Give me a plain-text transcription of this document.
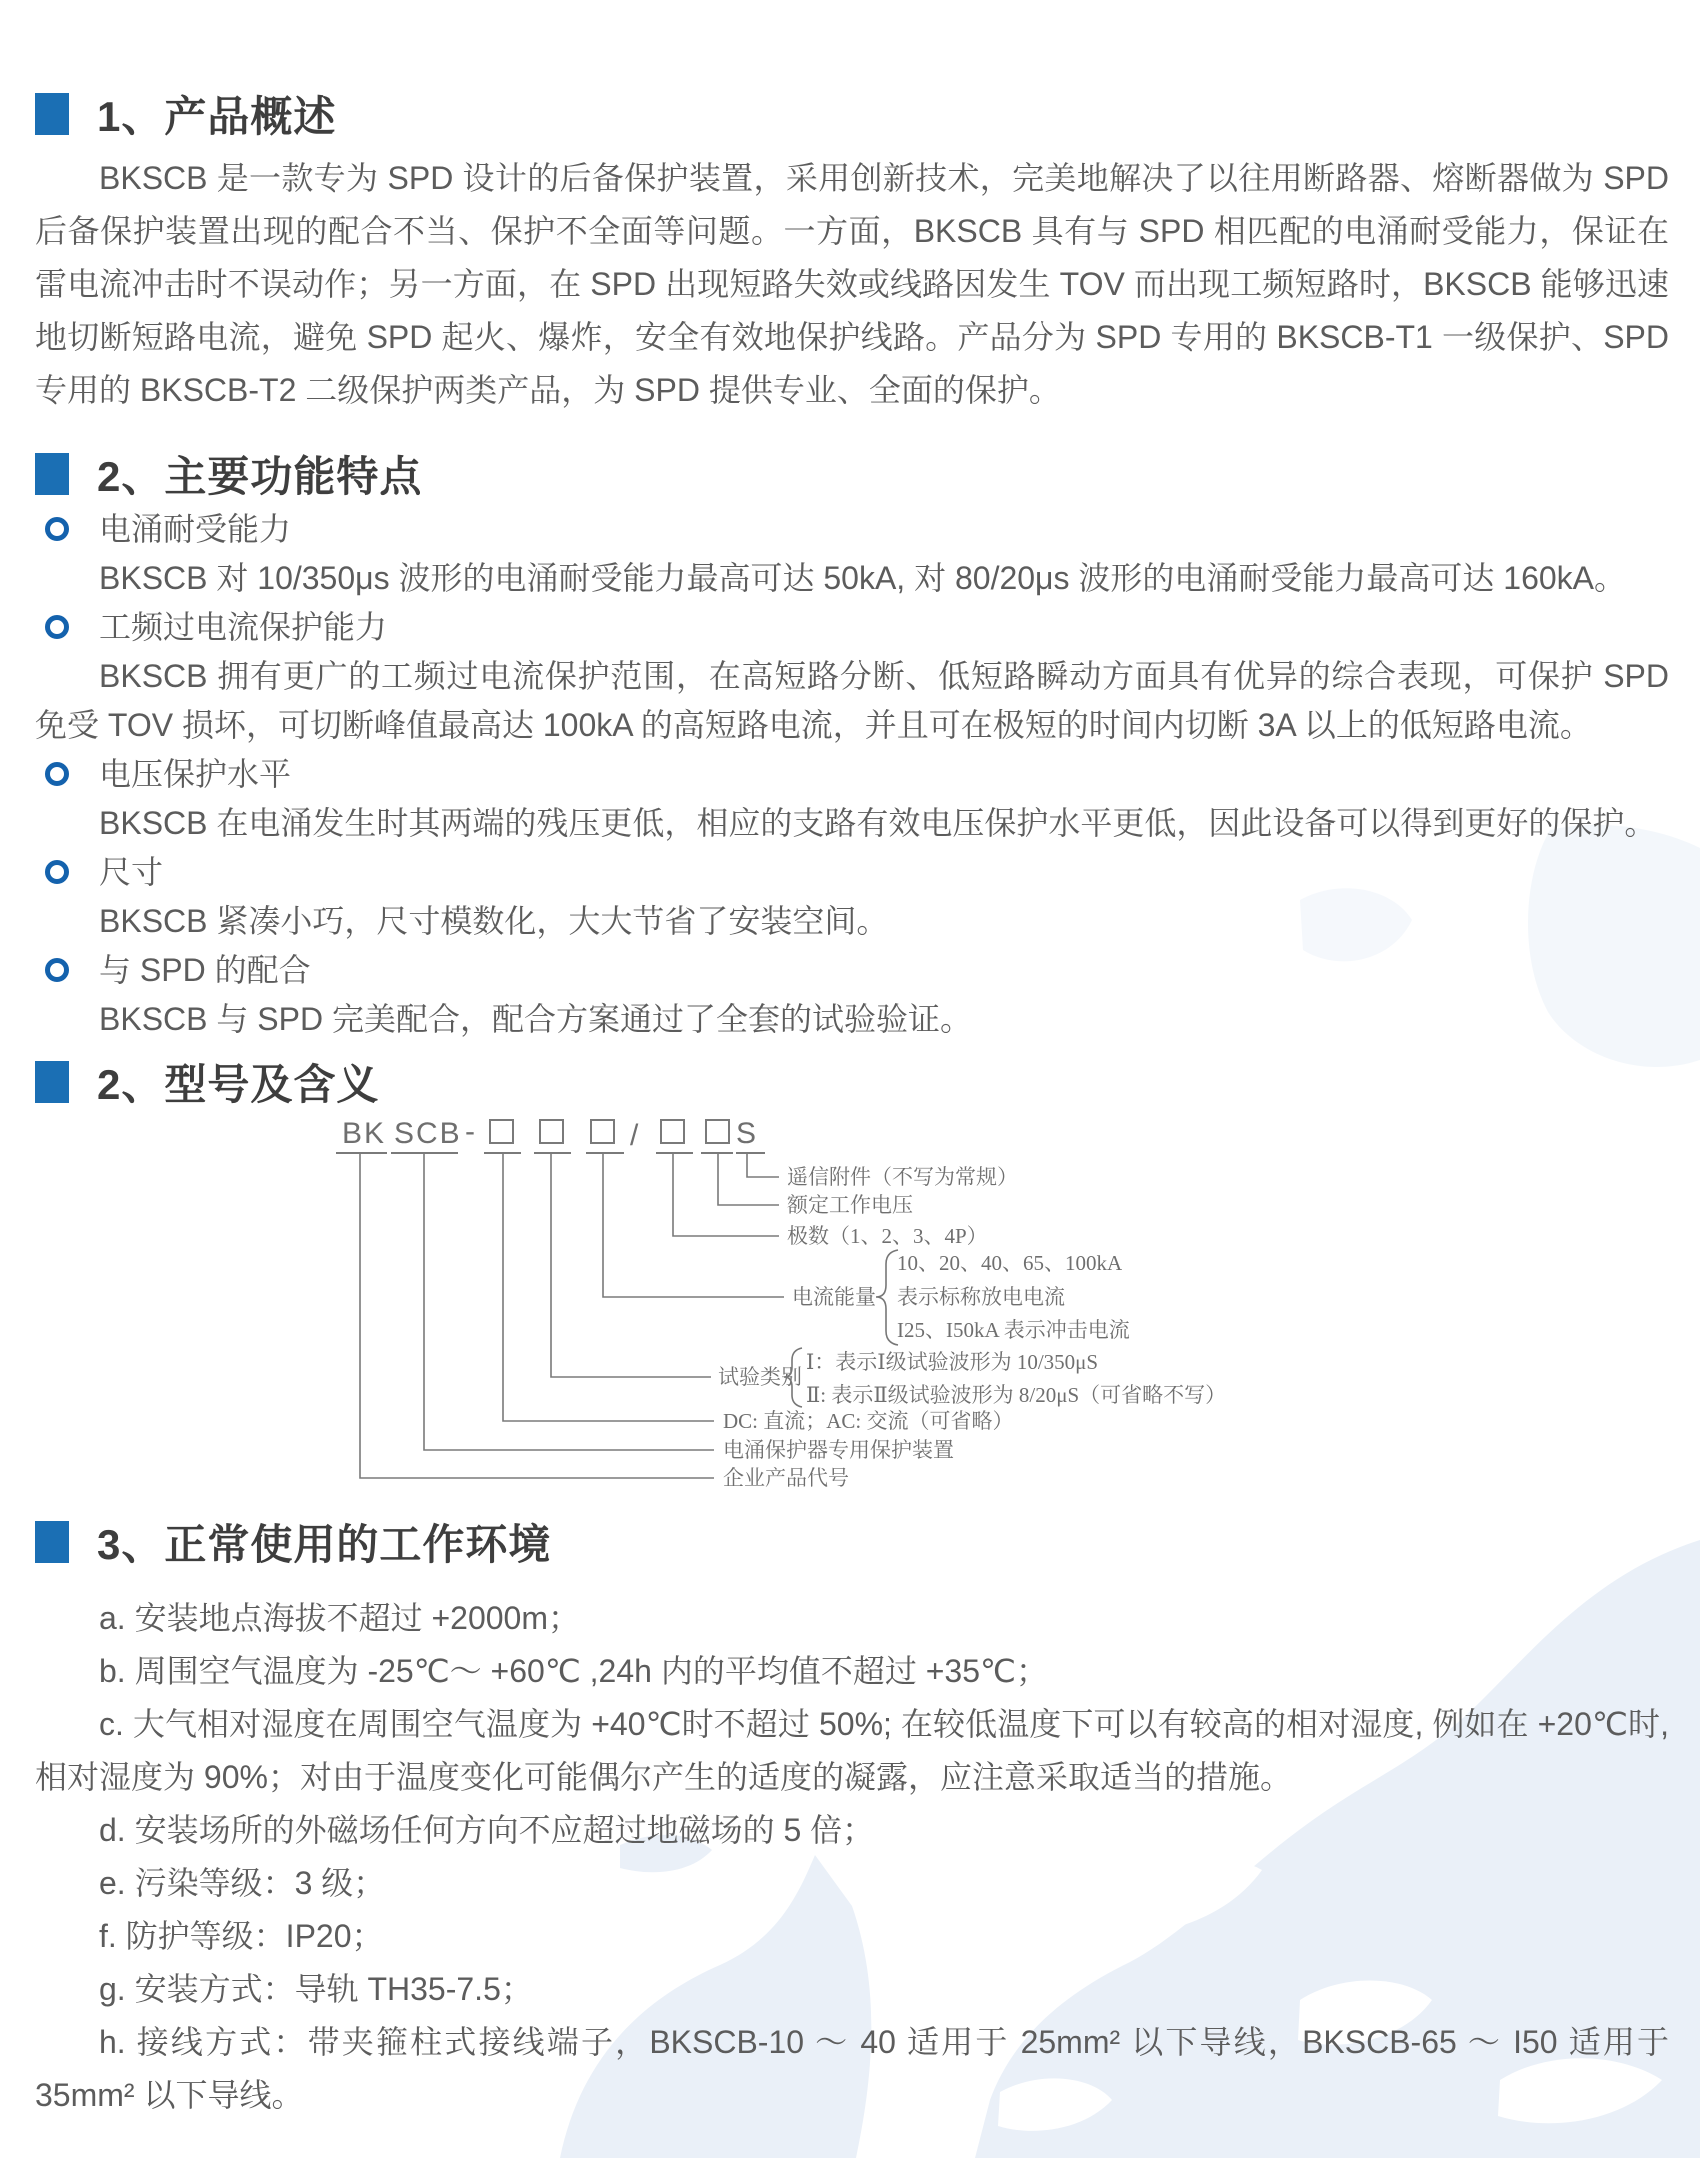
1、产品概述

BKSCB 是一款专为 SPD 设计的后备保护装置，采用创新技术，完美地解决了以往用断路器、熔断器做为 SPD 后备保护装置出现的配合不当、保护不全面等问题。一方面，BKSCB 具有与 SPD 相匹配的电涌耐受能力，保证在雷电流冲击时不误动作；另一方面，在 SPD 出现短路失效或线路因发生 TOV 而出现工频短路时，BKSCB 能够迅速地切断短路电流，避免 SPD 起火、爆炸，安全有效地保护线路。产品分为 SPD 专用的 BKSCB-T1 一级保护、SPD 专用的 BKSCB-T2 二级保护两类产品，为 SPD 提供专业、全面的保护。

2、主要功能特点
电涌耐受能力
BKSCB 对 10/350μs 波形的电涌耐受能力最高可达 50kA, 对 80/20μs 波形的电涌耐受能力最高可达 160kA。
工频过电流保护能力
BKSCB 拥有更广的工频过电流保护范围，在高短路分断、低短路瞬动方面具有优异的综合表现，可保护 SPD 免受 TOV 损坏，可切断峰值最高达 100kA 的高短路电流，并且可在极短的时间内切断 3A 以上的低短路电流。
电压保护水平
BKSCB 在电涌发生时其两端的残压更低，相应的支路有效电压保护水平更低，因此设备可以得到更好的保护。
尺寸
BKSCB 紧凑小巧，尺寸模数化，大大节省了安装空间。
与 SPD 的配合
BKSCB 与 SPD 完美配合，配合方案通过了全套的试验验证。
2、型号及含义
BK SCB -	/	S
遥信附件（不写为常规）
额定工作电压
极数（1、2、3、4P）
电流能量
试验类别
DC: 直流；AC: 交流（可省略）
电涌保护器专用保护装置
企业产品代号
10、20、40、65、100kA
表示标称放电电流
I25、I50kA 表示冲击电流
Ⅰ：表示Ⅰ级试验波形为 10/350μS
Ⅱ: 表示Ⅱ级试验波形为 8/20μS（可省略不写）
3、正常使用的工作环境
a. 安装地点海拔不超过 +2000m；
b. 周围空气温度为 -25℃～ +60℃ ,24h 内的平均值不超过 +35℃；
c. 大气相对湿度在周围空气温度为 +40℃时不超过 50%; 在较低温度下可以有较高的相对湿度, 例如在 +20℃时, 相对湿度为 90%；对由于温度变化可能偶尔产生的适度的凝露，应注意采取适当的措施。
d. 安装场所的外磁场任何方向不应超过地磁场的 5 倍；
e. 污染等级：3 级；
f. 防护等级：IP20；
g. 安装方式：导轨 TH35-7.5；
h. 接线方式：带夹箍柱式接线端子，BKSCB-10 ～ 40 适用于 25mm² 以下导线，BKSCB-65 ～ I50 适用于 35mm² 以下导线。
